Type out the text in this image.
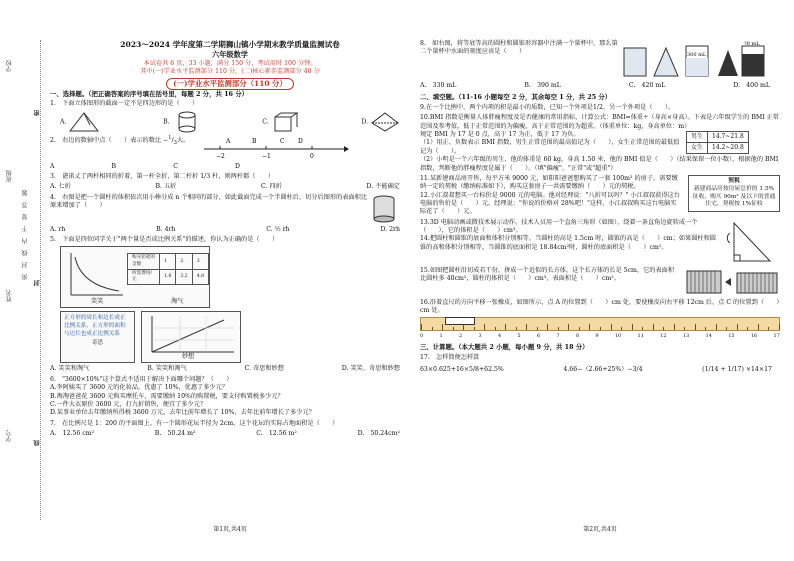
学校
班级
姓名
学号
密　封　线　内　不　要　答　题
密
封
线
2023～2024 学年度第二学期狮山镇小学期末教学质量监测试卷
六年级数学
本试卷共 6 页，33 小题，满分 150 分，考试用时 100 分钟。
其中(一)学业水平监测部分 110 分，(二)核心素养监测部分 40 分
(一)学业水平监测部分（110 分）
一、选择题。（把正确答案的序号填在括号里，每题 2 分，共 16 分）
1.　下面立体图形的截面一定不是四边形的是（　　）
A.	B.	C.	D.
2.　右边的数轴中点（　　）表示的数比 $-^1/_3$大。
−2	−1	0
A	B	C D
A	B	C	D
3.　谌诺丈了两杆相同的折着，第一杆全折，第二杆折 1/3 杆，则两杆都（　　）
A. 七折	B. 五折	C. 四折	D. 不能确定
4.　右图是把一个圆柱的体积依次用小棒分成 n 个相同的部分，如此截面完成一个半圆柱后，切分后图形的表面积比原来增加了（　　）
A. rh	B. 4rh	C. ½ rh	D. 2rh
5.　下面是四位同学关于"两个量是否成比例关系"的描述，你认为正确的是（　　）
购买铅笔的支数	1	2	3
所需费用/元	1.6	3.2	4.8
笑笑	淘气
正方形的周长和边长成正比例关系，正方形的面积与边长也成正比例关系
奇思
妙想
A. 笑笑和淘气	B. 笑笑和淘气	C. 奇思和妙想	D. 笑笑、奇思和妙想
6.　"3600×10%"这个算式不适用于解决下面哪个问题？（　　）
A.李阿姨买了 3600 元的化妆品，优惠了 10%，优惠了多少元？
B.淘淘爸爸花 3600 元购买摩托车，需要缴纳 10%的购置税，要支付购置税多少元？
C.一件大衣原价 3600 元，打九折销售，便宜了多少元？
D.某事业单位去年缴纳所得税 3600 万元，去年比前年增长了 10%，去年比前年增长了多少元？
7.　在比例尺是 1：200 的平面图上，有一个圆形花坛半径为 2cm，这个花坛的实际占地面积是（　　）
A.　12.56 cm²	B.　50.24 m²	C.　12.56 m²	D.　50.24cm²
第1页,共4页
8.　如右图，将等底等高的圆柱和圆锥形容器中注满一个量杯中，那么第二个量杯中水面的刻度应该是（　　）	300 mL
?0 mL
A.　330 mL	B.　390 mL	C.　420 mL	D.　400 mL
二、填空题。（11-16 小题每空 2 分，其余每空 1 分，共 25 分）
9.在一个比例中，两个内项的积是最小的质数，已知一个外项是1/2，另一个外项是（　　）。
10.BMI 指数是衡量人体胖瘦程度及是否健康的常用指标，计算公式：BMI=体重÷（身高×身高）。下表是六年级学生的 BMI 正常范围及参考值，低于正常范围的为偏瘦，高于正常范围的为超重。（体重单位：kg，身高单位：m）
规定 BMI 为 17 是 0 点，高于 17 为正，低于 17 为负。
（1）用正、负数表示 BMI 指数，男生正常范围的最高值记为（　　），女生正常范围的最低值记为（　　）。
男生	14.7~21.8
女生	14.2~20.8
（2）小明是一个六年级的男生，他的体重是 60 kg，身高 1.50 米，他的 BMI 值是（　　）（结果保留一位小数），根据他的 BMI 指数，判断他的胖瘦程度是属于（　　）。（填"偏瘦"、"正常"或"超重"）
11.某新建商品房开售，每平方米 9000 元，如阳阳爸爸想购买了一套 100m² 的房子，需要缴纳一定的契税（缴纳标准如下），购买这套房子一共需要缴纳（　　）元的契税。
12.小江叔叔想买一台标价是 9000 元的电脑。他对经理说："八折可以吗？" 小江叔叔获得这台电脑的售价是（　　）元。经理说："你说的价格对 28%吧！"这样，小江叔叔购买这台电脑实际花了（　　）元。
契税
新建商品房按房屋总价的 1.5%征收，购买 90m² 及以下的普通住宅，契税按 1%征收
13.3D 电脑动画或微技术展示动作。技术人员用一个直角三角形（如图），绕着一条直角边旋转成一个（　　），它的体积是（　　）cm³。
14.把圆柱和圆锥的底面和体积分别相等，当圆柱的高是 1.5cm 时，圆锥的高是（　　）cm；如果圆柱和圆锥的高和体积分别相等，当圆锥的底面积是 18.84cm²时，圆柱的底面积是（　　）cm²。
15.如图把圆柱沿切成若干份，拼成一个近似的长方体，这个长方体的长是 5cm，它的表面积比圆柱多 40cm²，圆柱的体积是（　　）cm³，表面积是（　　）cm²。
16.沿着直尺的方向平移一张橡皮，如图所示，点 A 的位置到（　　）cm 处，要使橡皮向右平移 12cm 后，点 C 的位置到（　　）cm 处。
0	1	2	3	4	5	6	7	8	9	10	11	12	13	14	15	16	17
三、计算题。（本大题共 2 小题，每小题 9 分，共 18 分）
17.　怎样简便怎样算
63×0.625+16×5/8+62.5%	4.66−（2.66+25%）−3/4	(1/14 + 1/17) ×14×17
第2页,共4页
